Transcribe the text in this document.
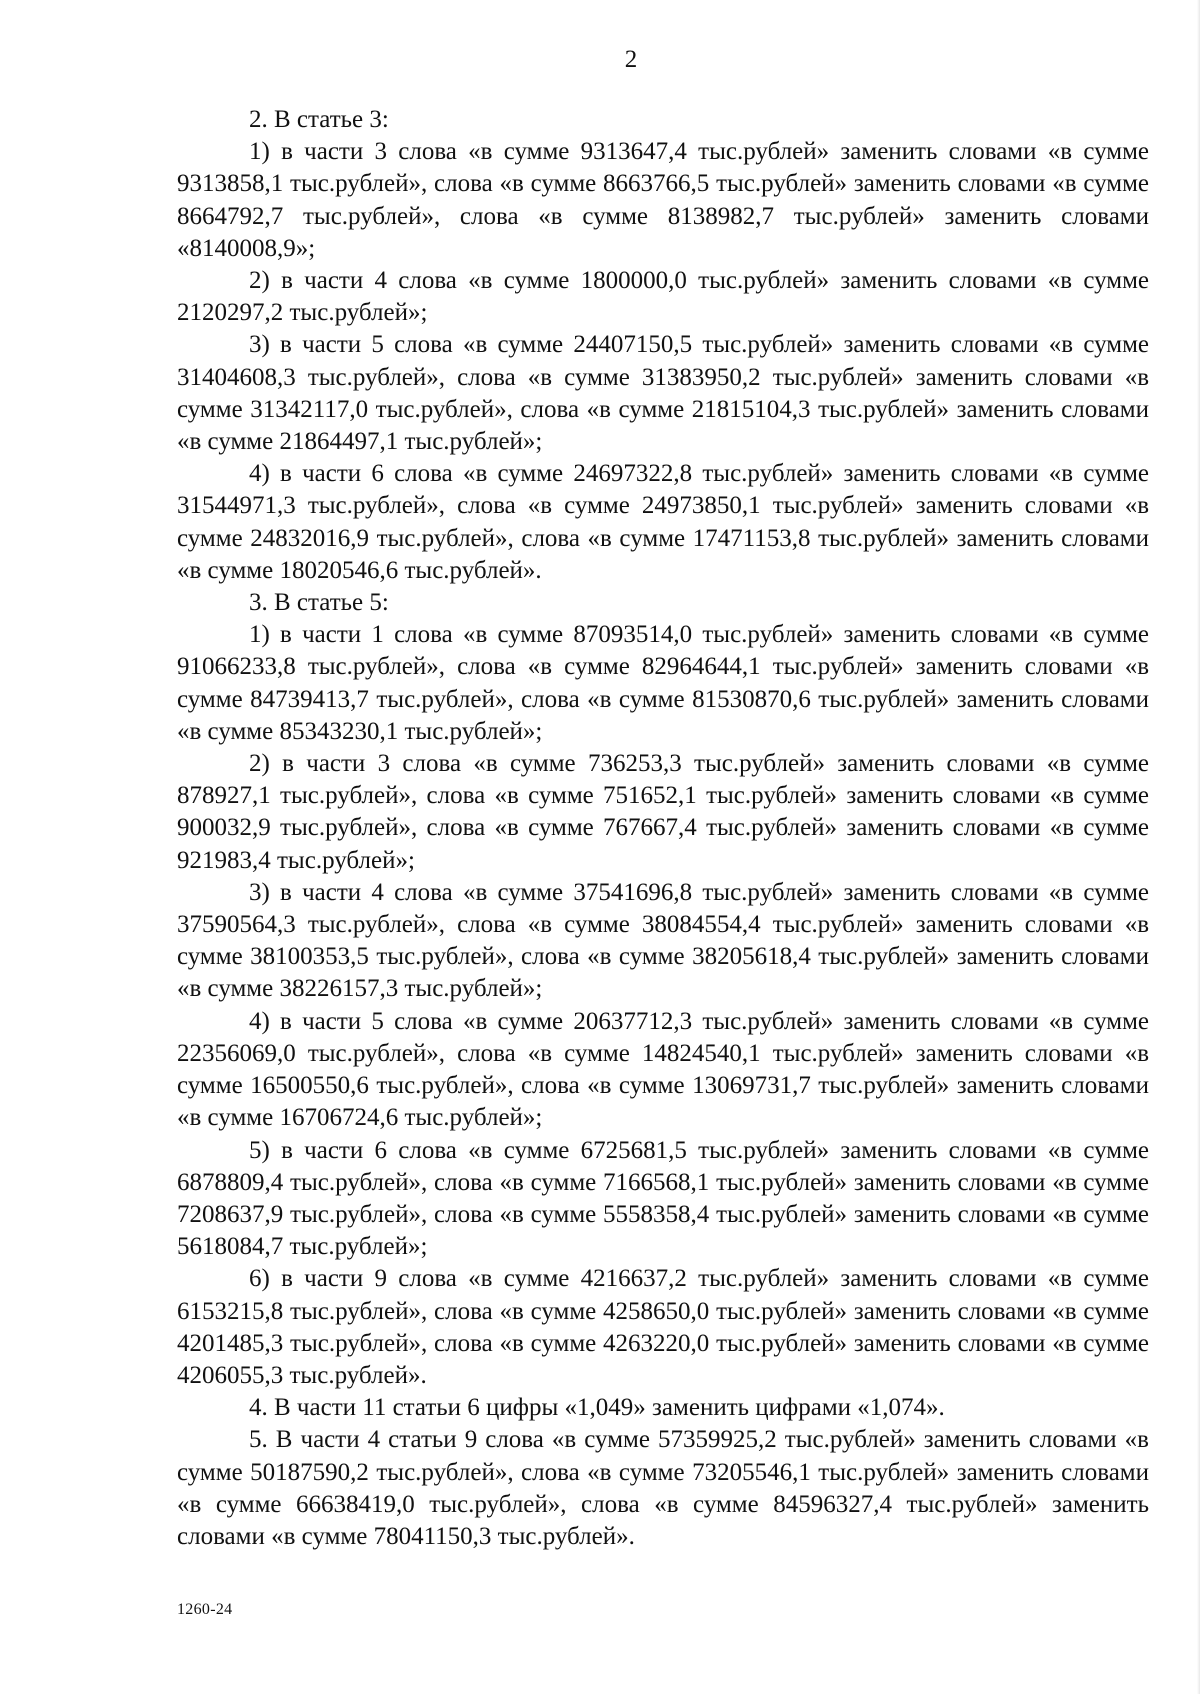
2

2. В статье 3:

1) в части 3 слова «в сумме 9313647,4 тыс.рублей» заменить словами «в сумме 9313858,1 тыс.рублей», слова «в сумме 8663766,5 тыс.рублей» заменить словами «в сумме 8664792,7 тыс.рублей», слова «в сумме 8138982,7 тыс.рублей» заменить словами «8140008,9»;

2) в части 4 слова «в сумме 1800000,0 тыс.рублей» заменить словами «в сумме 2120297,2 тыс.рублей»;

3) в части 5 слова «в сумме 24407150,5 тыс.рублей» заменить словами «в сумме 31404608,3 тыс.рублей», слова «в сумме 31383950,2 тыс.рублей» заменить словами «в сумме 31342117,0 тыс.рублей», слова «в сумме 21815104,3 тыс.рублей» заменить словами «в сумме 21864497,1 тыс.рублей»;

4) в части 6 слова «в сумме 24697322,8 тыс.рублей» заменить словами «в сумме 31544971,3 тыс.рублей», слова «в сумме 24973850,1 тыс.рублей» заменить словами «в сумме 24832016,9 тыс.рублей», слова «в сумме 17471153,8 тыс.рублей» заменить словами «в сумме 18020546,6 тыс.рублей».

3. В статье 5:

1) в части 1 слова «в сумме 87093514,0 тыс.рублей» заменить словами «в сумме 91066233,8 тыс.рублей», слова «в сумме 82964644,1 тыс.рублей» заменить словами «в сумме 84739413,7 тыс.рублей», слова «в сумме 81530870,6 тыс.рублей» заменить словами «в сумме 85343230,1 тыс.рублей»;

2) в части 3 слова «в сумме 736253,3 тыс.рублей» заменить словами «в сумме 878927,1 тыс.рублей», слова «в сумме 751652,1 тыс.рублей» заменить словами «в сумме 900032,9 тыс.рублей», слова «в сумме 767667,4 тыс.рублей» заменить словами «в сумме 921983,4 тыс.рублей»;

3) в части 4 слова «в сумме 37541696,8 тыс.рублей» заменить словами «в сумме 37590564,3 тыс.рублей», слова «в сумме 38084554,4 тыс.рублей» заменить словами «в сумме 38100353,5 тыс.рублей», слова «в сумме 38205618,4 тыс.рублей» заменить словами «в сумме 38226157,3 тыс.рублей»;

4) в части 5 слова «в сумме 20637712,3 тыс.рублей» заменить словами «в сумме 22356069,0 тыс.рублей», слова «в сумме 14824540,1 тыс.рублей» заменить словами «в сумме 16500550,6 тыс.рублей», слова «в сумме 13069731,7 тыс.рублей» заменить словами «в сумме 16706724,6 тыс.рублей»;

5) в части 6 слова «в сумме 6725681,5 тыс.рублей» заменить словами «в сумме 6878809,4 тыс.рублей», слова «в сумме 7166568,1 тыс.рублей» заменить словами «в сумме 7208637,9 тыс.рублей», слова «в сумме 5558358,4 тыс.рублей» заменить словами «в сумме 5618084,7 тыс.рублей»;

6) в части 9 слова «в сумме 4216637,2 тыс.рублей» заменить словами «в сумме 6153215,8 тыс.рублей», слова «в сумме 4258650,0 тыс.рублей» заменить словами «в сумме 4201485,3 тыс.рублей», слова «в сумме 4263220,0 тыс.рублей» заменить словами «в сумме 4206055,3 тыс.рублей».

4. В части 11 статьи 6 цифры «1,049» заменить цифрами «1,074».

5. В части 4 статьи 9 слова «в сумме 57359925,2 тыс.рублей» заменить словами «в сумме 50187590,2 тыс.рублей», слова «в сумме 73205546,1 тыс.рублей» заменить словами «в сумме 66638419,0 тыс.рублей», слова «в сумме 84596327,4 тыс.рублей» заменить словами «в сумме 78041150,3 тыс.рублей».

1260-24
